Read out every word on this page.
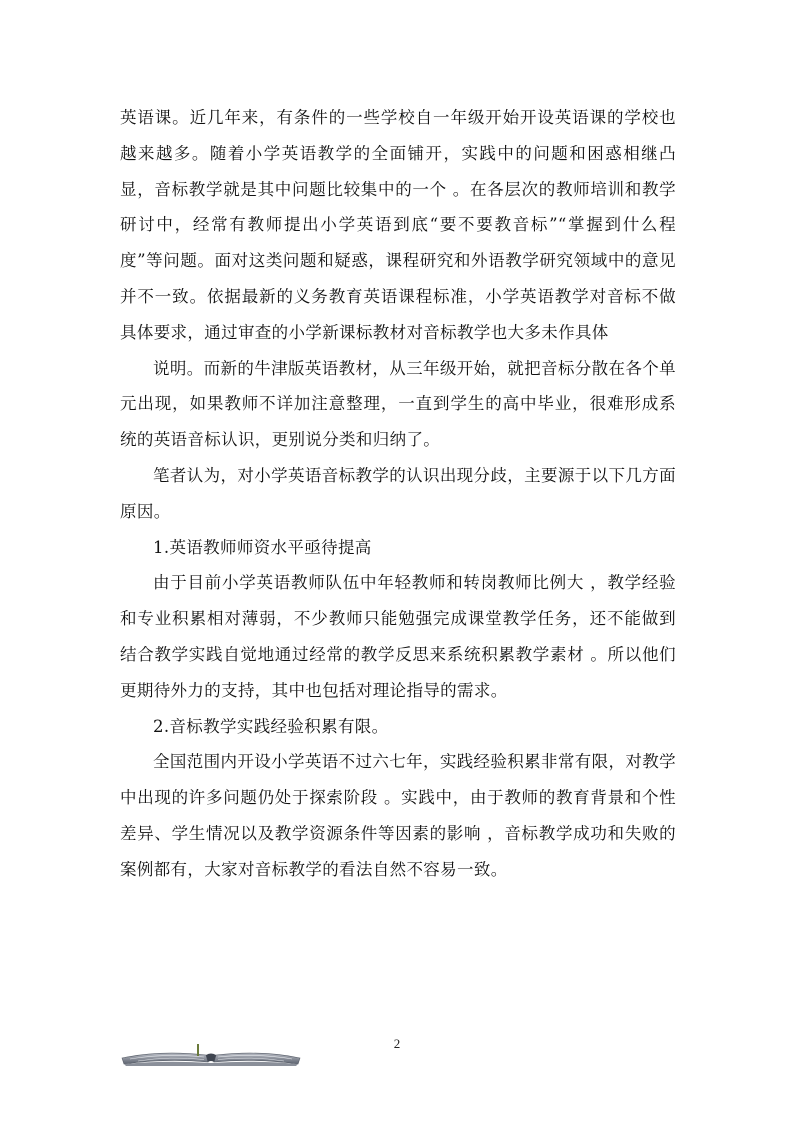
英语课。近几年来，有条件的一些学校自一年级开始开设英语课的学校也越来越多。随着小学英语教学的全面铺开，实践中的问题和困惑相继凸显，音标教学就是其中问题比较集中的一个 。在各层次的教师培训和教学研讨中，经常有教师提出小学英语到底“要不要教音标”“掌握到什么程度”等问题。面对这类问题和疑惑，课程研究和外语教学研究领域中的意见并不一致。依据最新的义务教育英语课程标准，小学英语教学对音标不做具体要求，通过审查的小学新课标教材对音标教学也大多未作具体

说明。而新的牛津版英语教材，从三年级开始，就把音标分散在各个单元出现，如果教师不详加注意整理，一直到学生的高中毕业，很难形成系统的英语音标认识，更别说分类和归纳了。

笔者认为，对小学英语音标教学的认识出现分歧，主要源于以下几方面原因。

1.英语教师师资水平亟待提高

由于目前小学英语教师队伍中年轻教师和转岗教师比例大 ，教学经验和专业积累相对薄弱，不少教师只能勉强完成课堂教学任务，还不能做到结合教学实践自觉地通过经常的教学反思来系统积累教学素材 。所以他们更期待外力的支持，其中也包括对理论指导的需求。

2.音标教学实践经验积累有限。

全国范围内开设小学英语不过六七年，实践经验积累非常有限，对教学中出现的许多问题仍处于探索阶段 。实践中，由于教师的教育背景和个性差异、学生情况以及教学资源条件等因素的影响 ，音标教学成功和失败的案例都有，大家对音标教学的看法自然不容易一致。

2
